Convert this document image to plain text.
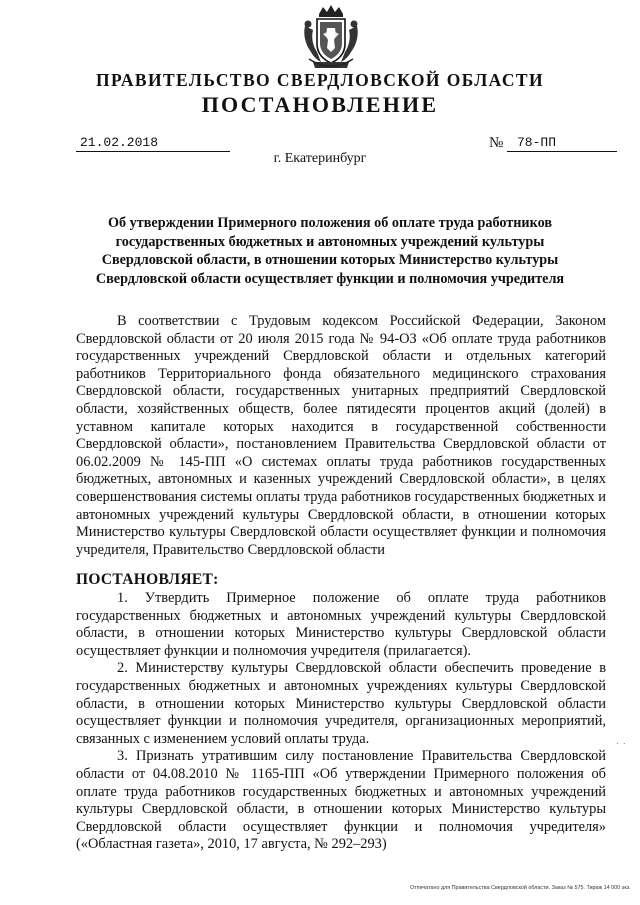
ПРАВИТЕЛЬСТВО СВЕРДЛОВСКОЙ ОБЛАСТИ
ПОСТАНОВЛЕНИЕ
21.02.2018	№	78-ПП
г. Екатеринбург
Об утверждении Примерного положения об оплате труда работников государственных бюджетных и автономных учреждений культуры Свердловской области, в отношении которых Министерство культуры Свердловской области осуществляет функции и полномочия учредителя

В соответствии с Трудовым кодексом Российской Федерации, Законом Свердловской области от 20 июля 2015 года № 94-ОЗ «Об оплате труда работников государственных учреждений Свердловской области и отдельных категорий работников Территориального фонда обязательного медицинского страхования Свердловской области, государственных унитарных предприятий Свердловской области, хозяйственных обществ, более пятидесяти процентов акций (долей) в уставном капитале которых находится в государственной собственности Свердловской области», постановлением Правительства Свердловской области от 06.02.2009 № 145-ПП «О системах оплаты труда работников государственных бюджетных, автономных и казенных учреждений Свердловской области», в целях совершенствования системы оплаты труда работников государственных бюджетных и автономных учреждений культуры Свердловской области, в отношении которых Министерство культуры Свердловской области осуществляет функции и полномочия учредителя, Правительство Свердловской области

ПОСТАНОВЛЯЕТ:

1. Утвердить Примерное положение об оплате труда работников государственных бюджетных и автономных учреждений культуры Свердловской области, в отношении которых Министерство культуры Свердловской области осуществляет функции и полномочия учредителя (прилагается).

2. Министерству культуры Свердловской области обеспечить проведение в государственных бюджетных и автономных учреждениях культуры Свердловской области, в отношении которых Министерство культуры Свердловской области осуществляет функции и полномочия учредителя, организационных мероприятий, связанных с изменением условий оплаты труда.

3. Признать утратившим силу постановление Правительства Свердловской области от 04.08.2010 № 1165-ПП «Об утверждении Примерного положения об оплате труда работников государственных бюджетных и автономных учреждений культуры Свердловской области, в отношении которых Министерство культуры Свердловской области осуществляет функции и полномочия учредителя» («Областная газета», 2010, 17 августа, № 292–293)

· ·
Отпечатано для Правительства Свердловской области. Заказ № 575. Тираж 14 000 экз.
